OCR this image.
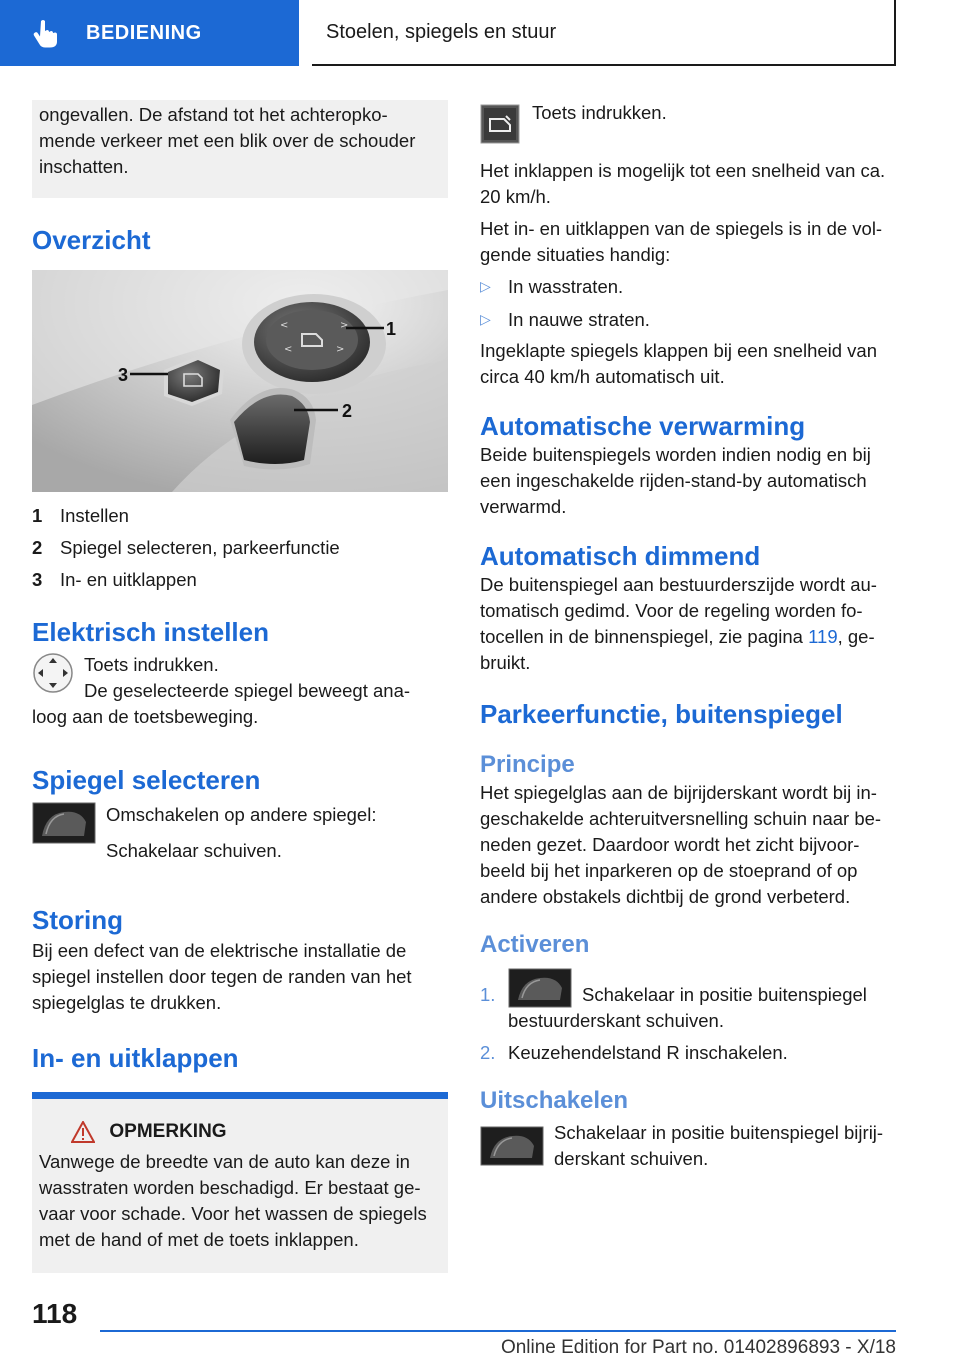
BEDIENING	Stoelen, spiegels en stuur

ongevallen. De afstand tot het achteropko-mende verkeer met een blik over de schouder inschatten.

Overzicht
<	>
<	>
1
3
2
1 Instellen
2 Spiegel selecteren, parkeerfunctie
3 In- en uitklappen
Elektrisch instellen

Toets indrukken.

De geselecteerde spiegel beweegt ana-

loog aan de toetsbeweging.

Spiegel selecteren

Omschakelen op andere spiegel:

Schakelaar schuiven.

Storing

Bij een defect van de elektrische installatie de spiegel instellen door tegen de randen van het spiegelglas te drukken.

In- en uitklappen
OPMERKING

Vanwege de breedte van de auto kan deze in wasstraten worden beschadigd. Er bestaat ge-vaar voor schade. Voor het wassen de spiegels met de hand of met de toets inklappen.

Toets indrukken.

Het inklappen is mogelijk tot een snelheid van ca. 20 km/h.

Het in- en uitklappen van de spiegels is in de vol-gende situaties handig:

▷ In wasstraten.
▷ In nauwe straten.

Ingeklapte spiegels klappen bij een snelheid van circa 40 km/h automatisch uit.

Automatische verwarming

Beide buitenspiegels worden indien nodig en bij een ingeschakelde rijden-stand-by automatisch verwarmd.

Automatisch dimmend

De buitenspiegel aan bestuurderszijde wordt au-tomatisch gedimd. Voor de regeling worden fo-tocellen in de binnenspiegel, zie pagina 119, ge-bruikt.

Parkeerfunctie, buitenspiegel
Principe

Het spiegelglas aan de bijrijderskant wordt bij in-geschakelde achteruitversnelling schuin naar be-neden gezet. Daardoor wordt het zicht bijvoor-beeld bij het inparkeren op de stoeprand of op andere obstakels dichtbij de grond verbeterd.

Activeren
1.	Schakelaar in positie buitenspiegel
bestuurderskant schuiven.
2. Keuzehendelstand R inschakelen.
Uitschakelen

Schakelaar in positie buitenspiegel bijrij-derskant schuiven.

118
Online Edition for Part no. 01402896893 - X/18
